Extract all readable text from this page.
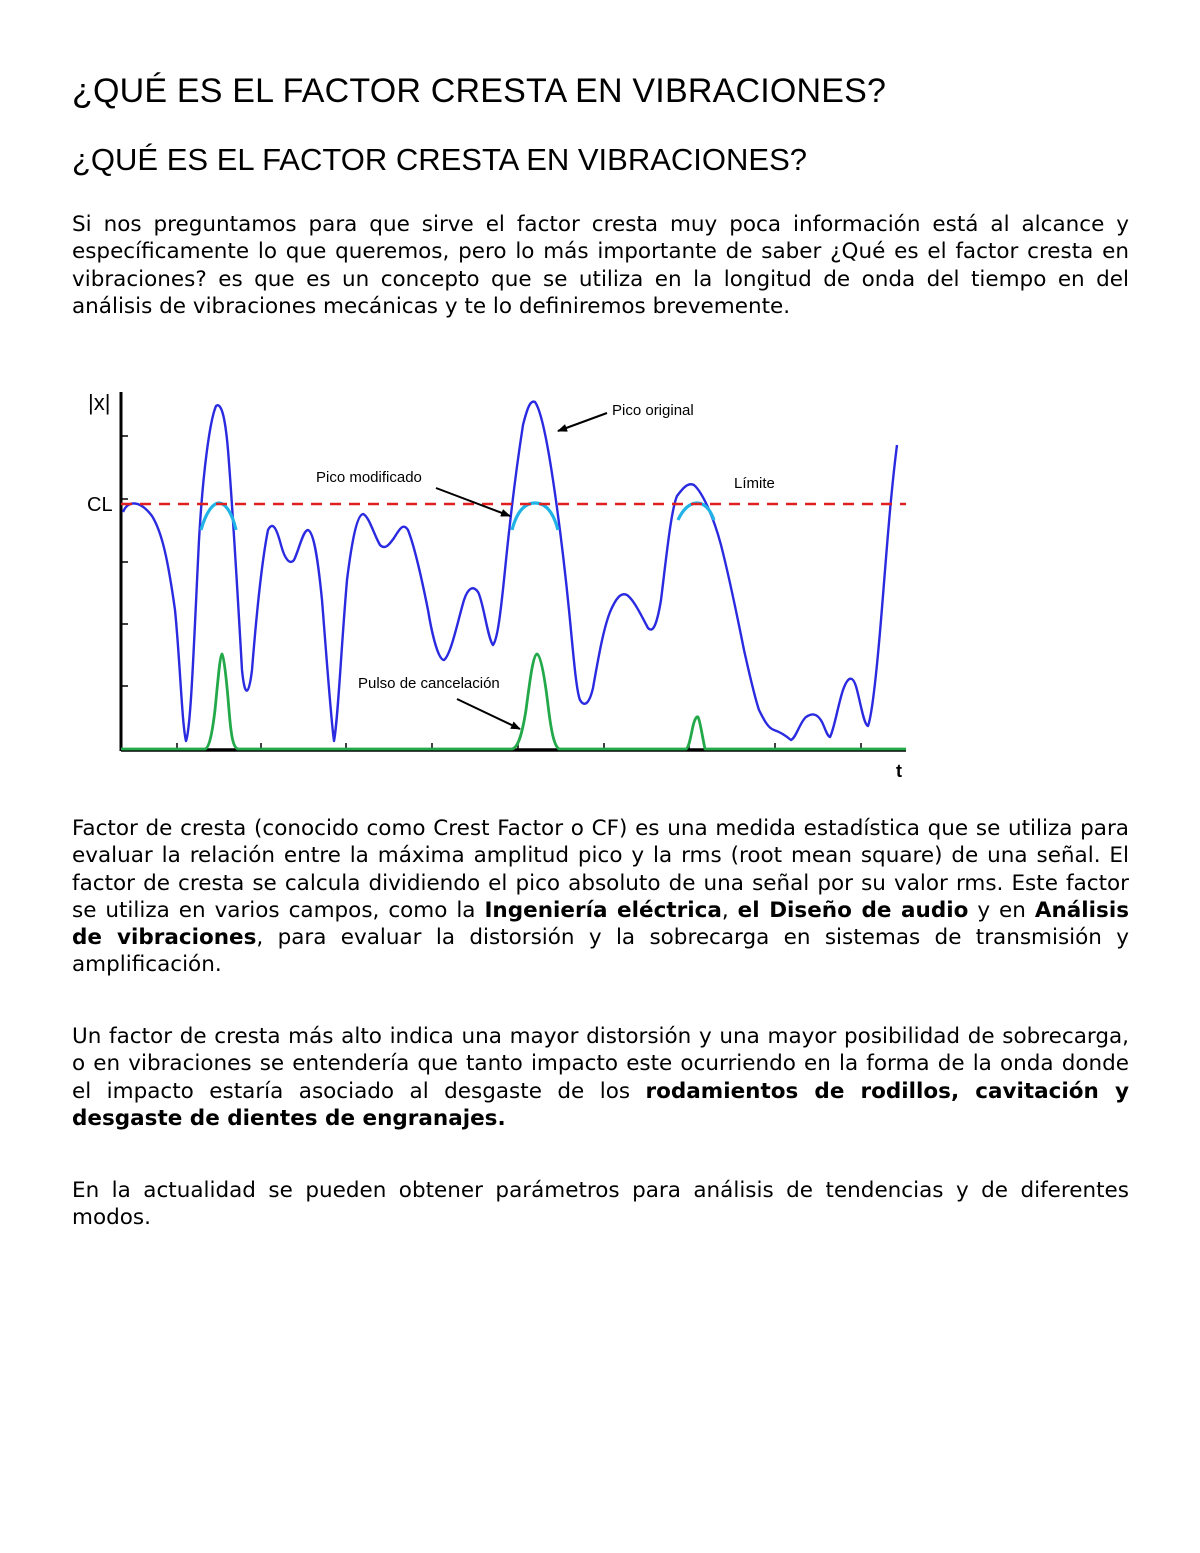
¿QUÉ ES EL FACTOR CRESTA EN VIBRACIONES?
¿QUÉ ES EL FACTOR CRESTA EN VIBRACIONES?

Si nos preguntamos para que sirve el factor cresta muy poca información está al alcance y específicamente lo que queremos, pero lo más importante de saber ¿Qué es el factor cresta en vibraciones? es que es un concepto que se utiliza en la longitud de onda del tiempo en del análisis de vibraciones mecánicas y te lo definiremos brevemente.

|x|
t
CL
Pico original
Pico modificado	Límite
Pulso de cancelación

Factor de cresta (conocido como Crest Factor o CF) es una medida estadística que se utiliza para evaluar la relación entre la máxima amplitud pico y la rms (root mean square) de una señal. El factor de cresta se calcula dividiendo el pico absoluto de una señal por su valor rms. Este factor se utiliza en varios campos, como la Ingeniería eléctrica, el Diseño de audio y en Análisis de vibraciones, para evaluar la distorsión y la sobrecarga en sistemas de transmisión y amplificación.

Un factor de cresta más alto indica una mayor distorsión y una mayor posibilidad de sobrecarga, o en vibraciones se entendería que tanto impacto este ocurriendo en la forma de la onda donde el impacto estaría asociado al desgaste de los rodamientos de rodillos, cavitación y desgaste de dientes de engranajes.

En la actualidad se pueden obtener parámetros para análisis de tendencias y de diferentes modos.
